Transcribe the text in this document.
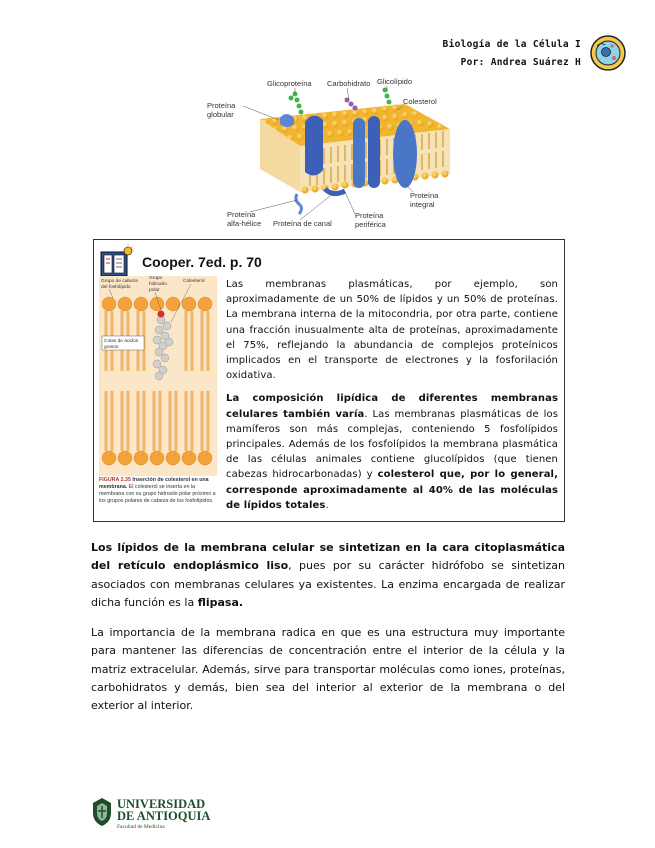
Biología de la Célula I
Por: Andrea Suárez H
Glicoproteína Carbohidrato Glicolípido
Proteína
globular
Colesterol
Proteína
integral
Proteína
alfa-hélice Proteína de canal
Proteína
periférica
Cooper. 7ed. p. 70
Grupo de cabeza
del fosfolípido
Grupo
hidroxilo
polar
Colesterol
Colas de ácidos
grasos
FIGURA 2.35 Inserción de colesterol en una membrana. El colesterol se inserta en la membrana con su grupo hidroxilo polar próximo a los grupos polares de cabeza de los fosfolípidos.

Las membranas plasmáticas, por ejemplo, son aproximadamente de un 50% de lípidos y un 50% de proteínas. La membrana interna de la mitocondria, por otra parte, contiene una fracción inusualmente alta de proteínas, aproximadamente el 75%, reflejando la abundancia de complejos proteínicos implicados en el transporte de electrones y la fosforilación oxidativa.

La composición lipídica de diferentes membranas celulares también varía. Las membranas plasmáticas de los mamíferos son más complejas, conteniendo 5 fosfolípidos principales. Además de los fosfolípidos la membrana plasmática de las células animales contiene glucolípidos (que tienen cabezas hidrocarbonadas) y colesterol que, por lo general, corresponde aproximadamente al 40% de las moléculas de lípidos totales.

Los lípidos de la membrana celular se sintetizan en la cara citoplasmática del retículo endoplásmico liso, pues por su carácter hidrófobo se sintetizan asociados con membranas celulares ya existentes. La enzima encargada de realizar dicha función es la flipasa.

La importancia de la membrana radica en que es una estructura muy importante para mantener las diferencias de concentración entre el interior de la célula y la matriz extracelular. Además, sirve para transportar moléculas como iones, proteínas, carbohidratos y demás, bien sea del interior al exterior de la membrana o del exterior al interior.

UNIVERSIDAD
DE ANTIOQUIA
Facultad de Medicina
